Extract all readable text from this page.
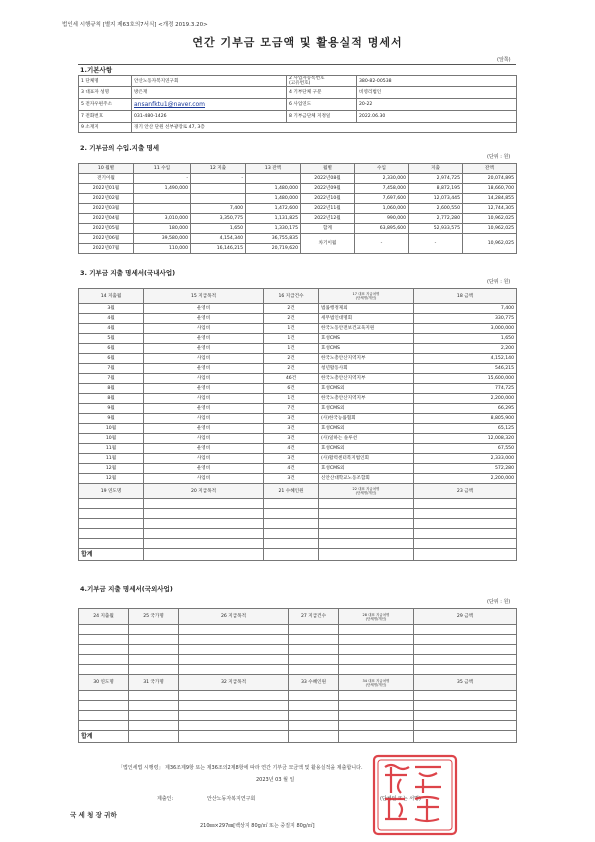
법인세 시행규칙 [별지 제63호의7서식] <개정 2019.3.20>
연간 기부금 모금액 및 활용실적 명세서
(앞쪽)
1.기본사항
1 단체명	안산노동자복지연구회	2 사업자등록번호
(고유번호)	380-82-00538
3 대표자 성명	방은재	4 기부단체 구분	비영리법인
5 전자우편주소	ansanfktu1@naver.com	6 사업연도	20-22
7 전화번호	031-480-1426	8 기부금단체 지정일	2022.06.30
9 소재지	경기 안산 단원 선부광장로 47, 3층		
2. 기부금의 수입.지출 명세
(단위 : 원)
10 월별	11 수입	12 지출	13 잔액	월별	수입	지출	잔액
전기이월	-	-		2022년08월	2,330,000	2,974,725	20,074,895
2022년01월	1,490,000		1,480,000	2022년09월	7,458,000	8,872,195	18,660,700
2022년02월			1,480,000	2022년10월	7,697,600	12,073,445	14,284,855
2022년03월		7,400	1,472,600	2022년11월	1,060,000	2,600,550	12,744,305
2022년04월	3,010,000	3,350,775	1,131,825	2022년12월	990,000	2,772,280	10,962,025
2022년05월	180,000	1,650	1,330,175	합계	63,895,600	52,933,575	10,962,025
2022년06월	39,580,000	4,154,340	36,755,835	차기이월	-	-	10,962,025
2022년07월	110,000	16,146,215	20,719,620				
3. 기부금 지출 명세서(국내사업)
(단위 : 원)
14 지출월	15 지급목적	16 지급건수	17 대표 지급처명
(단체명/개인)	18 금액
3월	운영비	2건	법률행정제외	7,400
4월	운영비	2건	세무법인대명회	330,775
4월	사업비	1건	한국노동안전보건교육지원	3,000,000
5월	운영비	1건	효성CMS	1,650
6월	운영비	1건	효성CMS	2,200
6월	사업비	2건	한국노총안산지역지부	4,152,140
7월	운영비	2건	청년활동사회	546,215
7월	사업비	46건	한국노총안산지역지부	15,600,000
8월	운영비	6건	효성CMS외	774,725
8월	사업비	1건	한국노총안산지역지부	2,200,000
9월	운영비	7건	효성CMS외	66,295
9월	사업비	3건	(사)한국능률협회	8,805,900
10월	운영비	3건	효성CMS외	65,125
10월	사업비	3건	(사)일하는 솔루션	12,008,320
11월	운영비	4건	효성CMS외	67,550
11월	사업비	3건	(사)활력센터복지법인회	2,333,000
12월	운영비	4건	효성CMS외	572,280
12월	사업비	3건	신안산대학교노동조합회	2,200,000
19 연도명	20 지급목적	21 수혜인원	22 대표 지급처명
(단체명/개인)	23 금액

합계				
4.기부금 지출 명세서(국외사업)
(단위 : 원)
24 지출월	25 국가명	26 지급목적	27 지급건수	28 대표 지급처명
(단체명/개인)	29 금액

30 연도명	31 국가명	32 지급목적	33 수혜인원	34 대표 지급처명
(단체명/개인)	35 금액

합계					
「법인세법 시행령」 제36조제9항 또는 제36조의2제8항에 따라 연간 기부금 모금액 및 활용실적을 제출합니다.
2023년 03 월 일
제출인:	안산노동자복지연구회	(단체인 또는 서명)
국 세 청 장 귀하
210㎜×297㎜[백상지 80g/㎡ 또는 중질지 80g/㎡]
